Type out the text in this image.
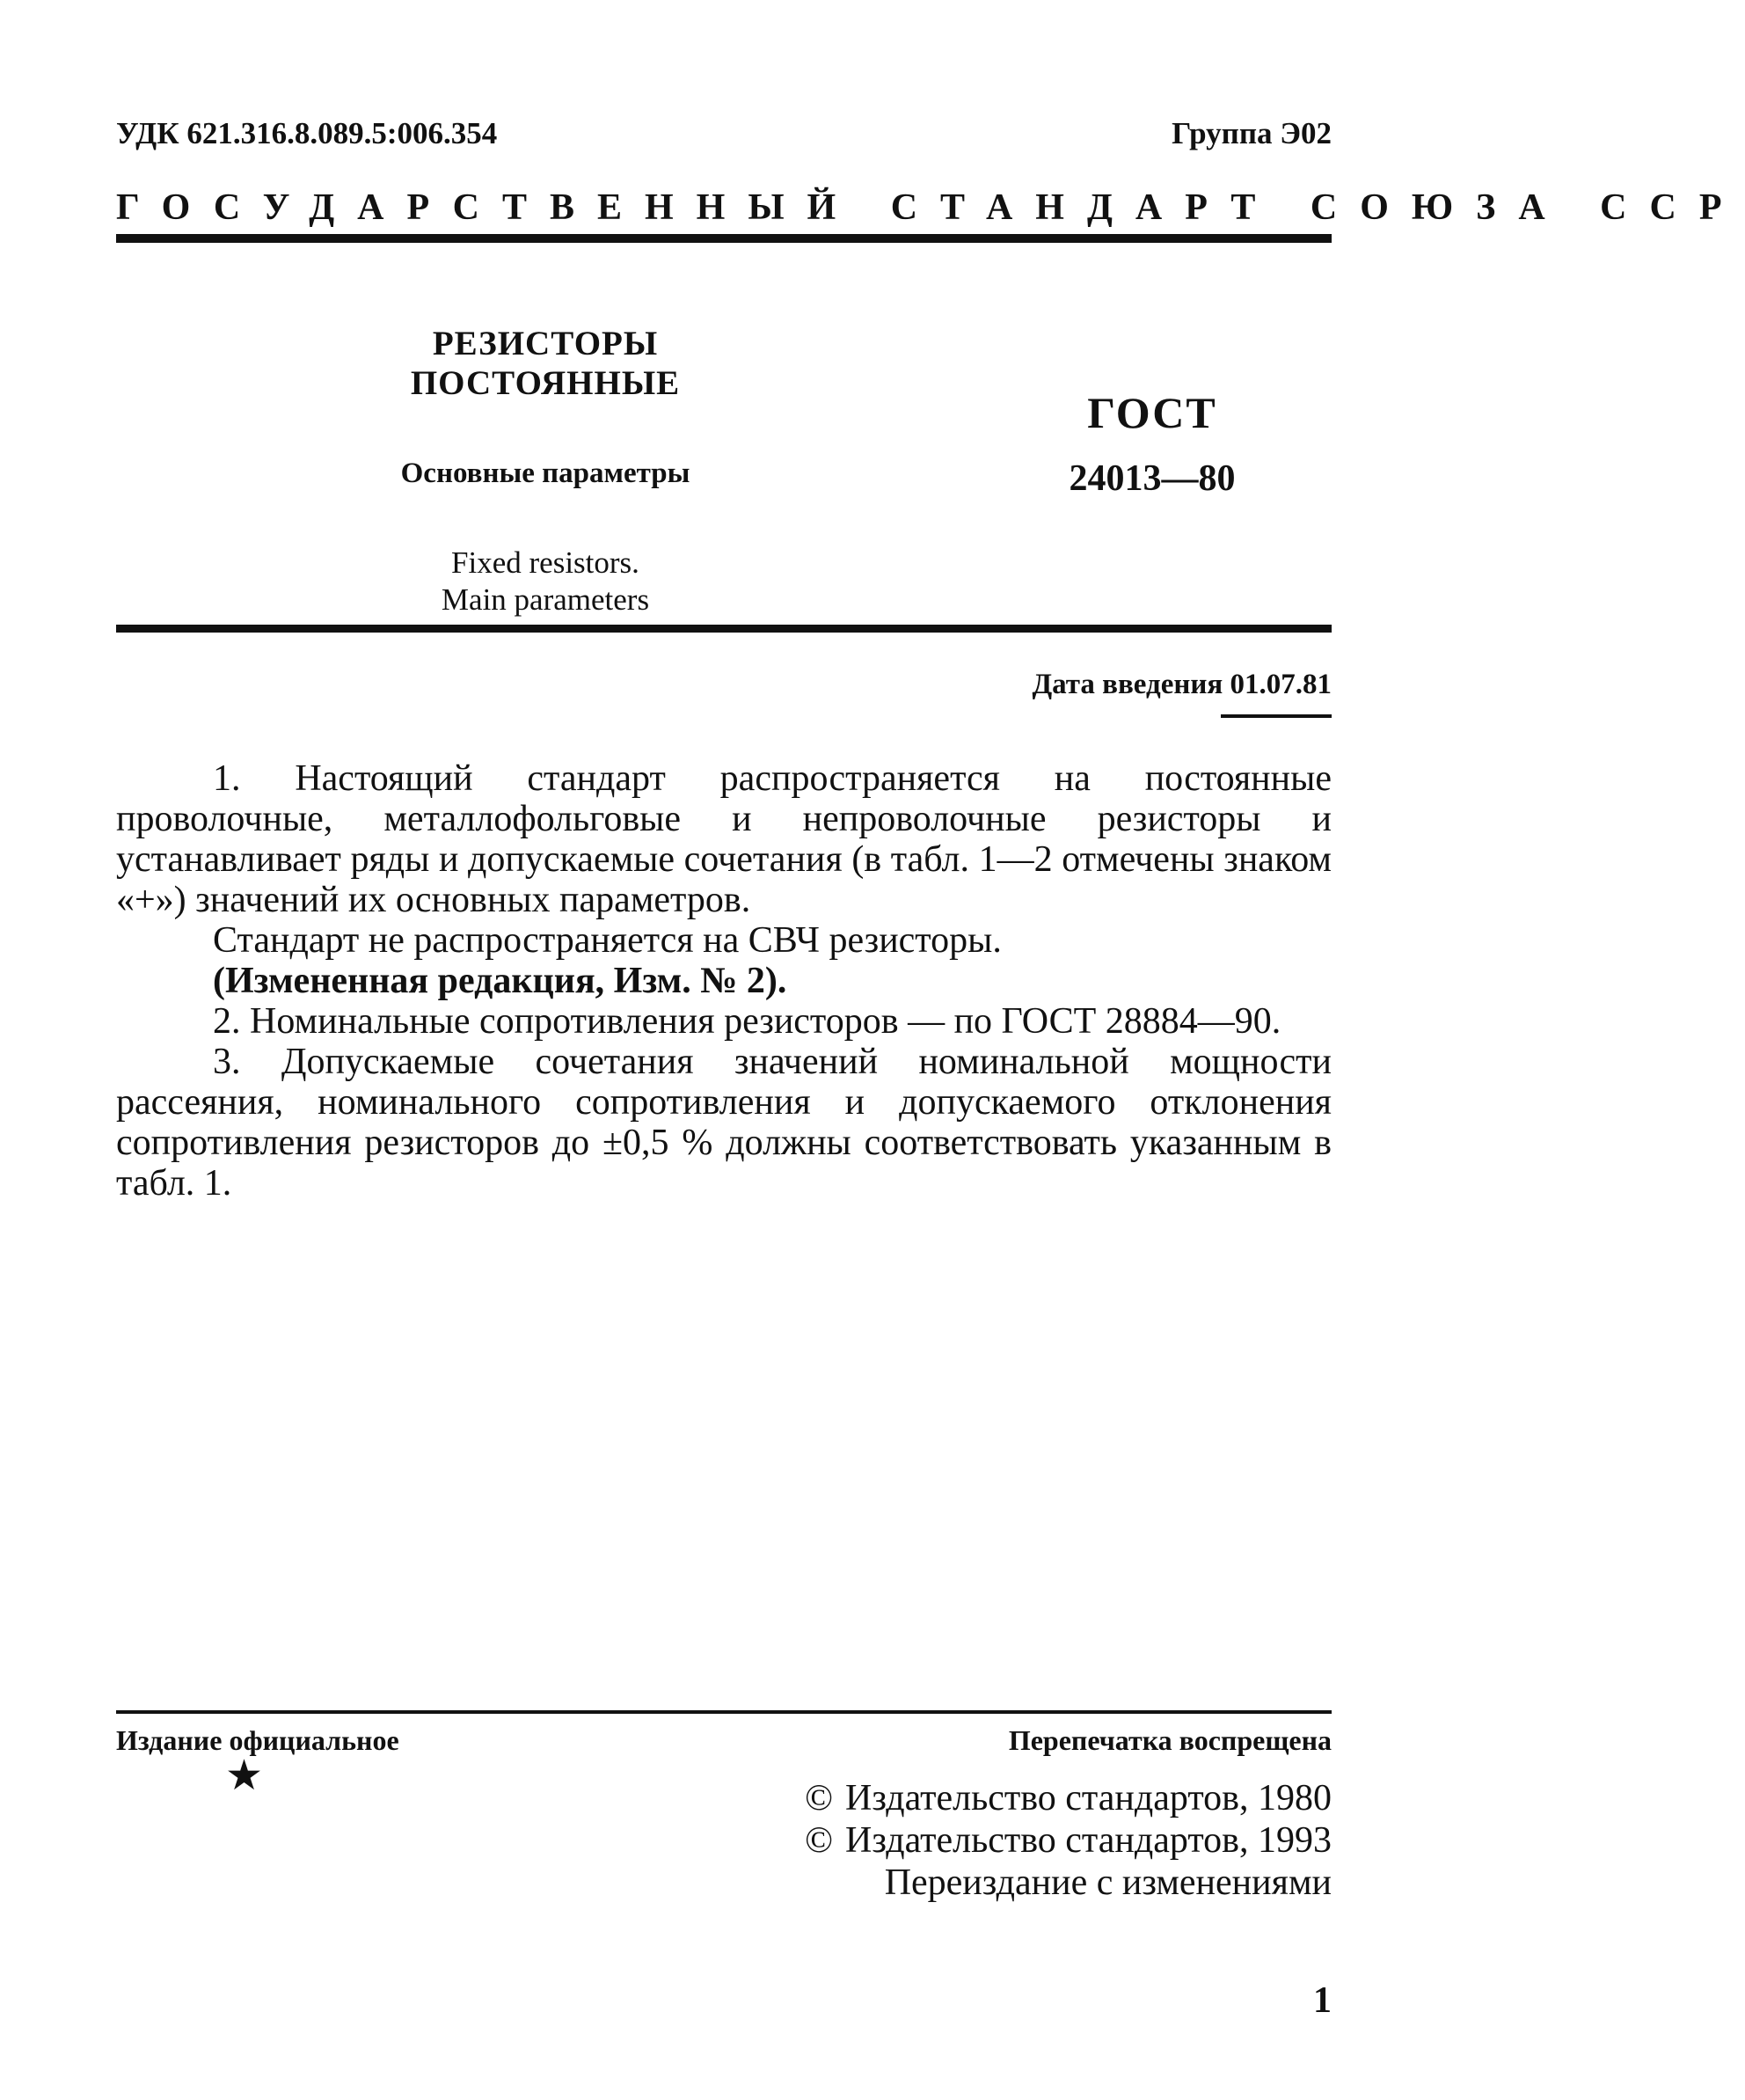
УДК 621.316.8.089.5:006.354	Группа Э02
ГОСУДАРСТВЕННЫЙ СТАНДАРТ СОЮЗА ССР
РЕЗИСТОРЫ ПОСТОЯННЫЕ
Основные параметры
Fixed resistors.
Main parameters
ГОСТ
24013—80
Дата введения 01.07.81

1. Настоящий стандарт распространяется на постоянные проволочные, металлофольговые и непроволочные резисторы и устанавливает ряды и допускаемые сочетания (в табл. 1—2 отмечены знаком «+») значений их основных параметров.

Стандарт не распространяется на СВЧ резисторы.

(Измененная редакция, Изм. № 2).

2. Номинальные сопротивления резисторов — по ГОСТ 28884—90.

3. Допускаемые сочетания значений номинальной мощности рассеяния, номинального сопротивления и допускаемого отклонения сопротивления резисторов до ±0,5 % должны соответствовать указанным в табл. 1.

Издание официальное
★
Перепечатка воспрещена
© Издательство стандартов, 1980
© Издательство стандартов, 1993
Переиздание с изменениями
1
